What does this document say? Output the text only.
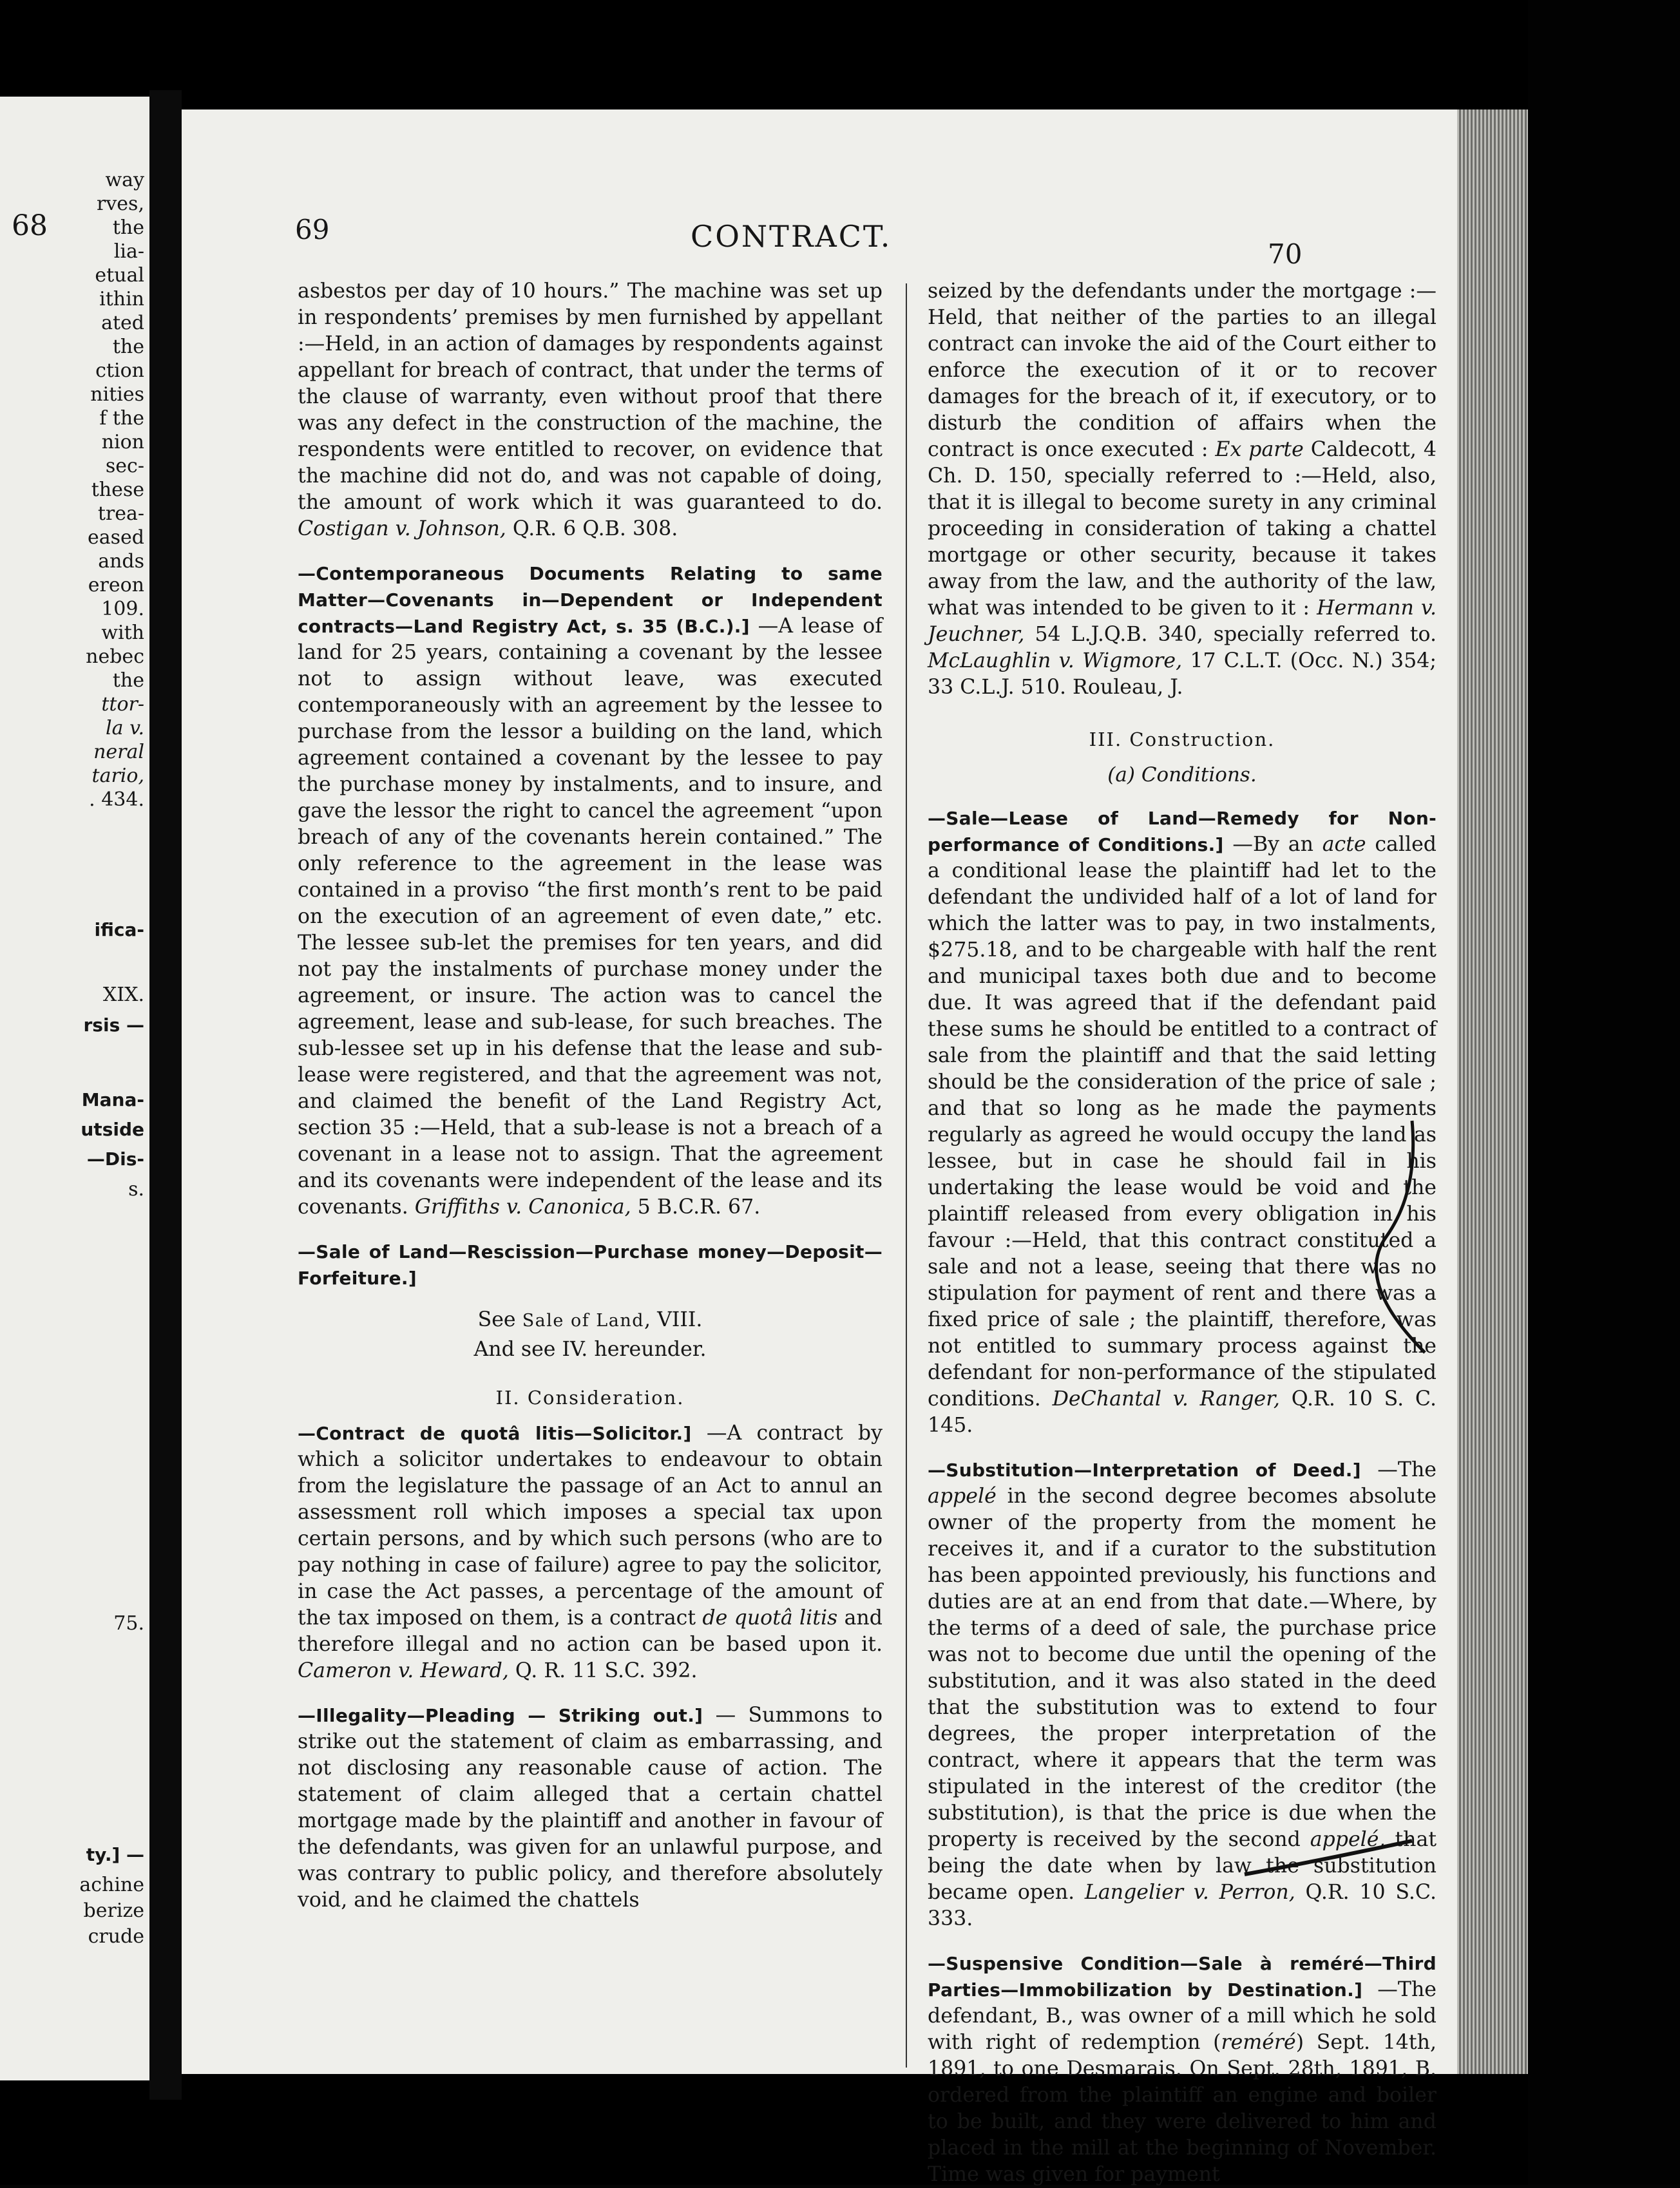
68
way
rves,
the
lia-
etual
ithin
ated
the
ction
nities
f the
nion
sec-
these
trea-
eased
ands
ereon
109.
with
nebec
the
ttor-
la v.
neral
tario,
. 434.
ifica-
XIX.
rsis —
Mana-
utside
—Dis-
s.
75.
ty.] —
achine
berize
crude
69	CONTRACT.
70

asbestos per day of 10 hours.” The machine was set up in respondents’ premises by men furnished by appellant :—Held, in an action of damages by respondents against appellant for breach of contract, that under the terms of the clause of warranty, even without proof that there was any defect in the construction of the machine, the respondents were entitled to recover, on evidence that the machine did not do, and was not capable of doing, the amount of work which it was guaranteed to do. Costigan v. Johnson, Q.R. 6 Q.B. 308.

—Contemporaneous Documents Relating to same Matter—Covenants in—Dependent or Independent contracts—Land Registry Act, s. 35 (B.C.).] —A lease of land for 25 years, containing a covenant by the lessee not to assign without leave, was executed contemporaneously with an agreement by the lessee to purchase from the lessor a building on the land, which agreement contained a covenant by the lessee to pay the purchase money by instalments, and to insure, and gave the lessor the right to cancel the agreement “upon breach of any of the covenants herein contained.” The only reference to the agreement in the lease was contained in a proviso “the first month’s rent to be paid on the execution of an agreement of even date,” etc. The lessee sub-let the premises for ten years, and did not pay the instalments of purchase money under the agreement, or insure. The action was to cancel the agreement, lease and sub-lease, for such breaches. The sub-lessee set up in his defense that the lease and sub-lease were registered, and that the agreement was not, and claimed the benefit of the Land Registry Act, section 35 :—Held, that a sub-lease is not a breach of a covenant in a lease not to assign. That the agreement and its covenants were independent of the lease and its covenants. Griffiths v. Canonica, 5 B.C.R. 67.

—Sale of Land—Rescission—Purchase money—Deposit—Forfeiture.]

See Sale of Land, VIII.

And see IV. hereunder.

II. Consideration.

—Contract de quotâ litis—Solicitor.] —A contract by which a solicitor undertakes to endeavour to obtain from the legislature the passage of an Act to annul an assessment roll which imposes a special tax upon certain persons, and by which such persons (who are to pay nothing in case of failure) agree to pay the solicitor, in case the Act passes, a percentage of the amount of the tax imposed on them, is a contract de quotâ litis and therefore illegal and no action can be based upon it. Cameron v. Heward, Q. R. 11 S.C. 392.

—Illegality—Pleading — Striking out.] — Summons to strike out the statement of claim as embarrassing, and not disclosing any reasonable cause of action. The statement of claim alleged that a certain chattel mortgage made by the plaintiff and another in favour of the defendants, was given for an unlawful purpose, and was contrary to public policy, and therefore absolutely void, and he claimed the chattels

seized by the defendants under the mortgage :—Held, that neither of the parties to an illegal contract can invoke the aid of the Court either to enforce the execution of it or to recover damages for the breach of it, if executory, or to disturb the condition of affairs when the contract is once executed : Ex parte Caldecott, 4 Ch. D. 150, specially referred to :—Held, also, that it is illegal to become surety in any criminal proceeding in consideration of taking a chattel mortgage or other security, because it takes away from the law, and the authority of the law, what was intended to be given to it : Hermann v. Jeuchner, 54 L.J.Q.B. 340, specially referred to. McLaughlin v. Wigmore, 17 C.L.T. (Occ. N.) 354; 33 C.L.J. 510. Rouleau, J.

III. Construction.

(a) Conditions.

—Sale—Lease of Land—Remedy for Non-performance of Conditions.] —By an acte called a conditional lease the plaintiff had let to the defendant the undivided half of a lot of land for which the latter was to pay, in two instalments, $275.18, and to be chargeable with half the rent and municipal taxes both due and to become due. It was agreed that if the defendant paid these sums he should be entitled to a contract of sale from the plaintiff and that the said letting should be the consideration of the price of sale ; and that so long as he made the payments regularly as agreed he would occupy the land as lessee, but in case he should fail in his undertaking the lease would be void and the plaintiff released from every obligation in his favour :—Held, that this contract constituted a sale and not a lease, seeing that there was no stipulation for payment of rent and there was a fixed price of sale ; the plaintiff, therefore, was not entitled to summary process against the defendant for non-performance of the stipulated conditions. DeChantal v. Ranger, Q.R. 10 S. C. 145.

—Substitution—Interpretation of Deed.] —The appelé in the second degree becomes absolute owner of the property from the moment he receives it, and if a curator to the substitution has been appointed previously, his functions and duties are at an end from that date.—Where, by the terms of a deed of sale, the purchase price was not to become due until the opening of the substitution, and it was also stated in the deed that the substitution was to extend to four degrees, the proper interpretation of the contract, where it appears that the term was stipulated in the interest of the creditor (the substitution), is that the price is due when the property is received by the second appelé, that being the date when by law the substitution became open. Langelier v. Perron, Q.R. 10 S.C. 333.

—Suspensive Condition—Sale à reméré—Third Parties—Immobilization by Destination.] —The defendant, B., was owner of a mill which he sold with right of redemption (reméré) Sept. 14th, 1891, to one Desmarais. On Sept. 28th, 1891, B. ordered from the plaintiff an engine and boiler to be built, and they were delivered to him and placed in the mill at the beginning of November. Time was given for payment
